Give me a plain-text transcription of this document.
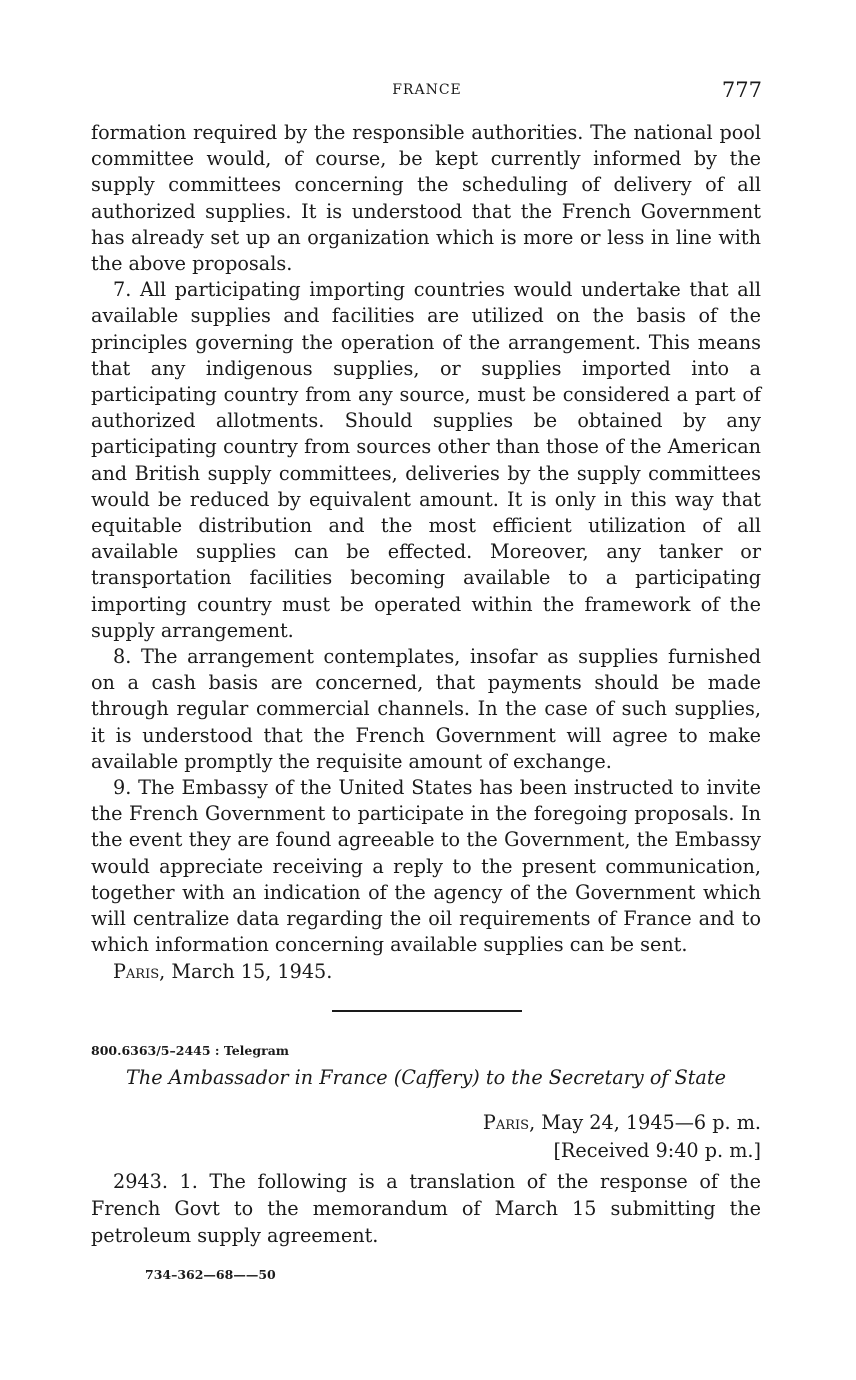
FRANCE	777

formation required by the responsible authorities. The national pool committee would, of course, be kept currently informed by the supply committees concerning the scheduling of delivery of all authorized supplies. It is understood that the French Government has already set up an organization which is more or less in line with the above proposals.

7. All participating importing countries would undertake that all available supplies and facilities are utilized on the basis of the principles governing the operation of the arrangement. This means that any indigenous supplies, or supplies imported into a participating country from any source, must be considered a part of authorized allotments. Should supplies be obtained by any participating country from sources other than those of the American and British supply committees, deliveries by the supply committees would be reduced by equivalent amount. It is only in this way that equitable distribution and the most efficient utilization of all available supplies can be effected. Moreover, any tanker or transportation facilities becoming available to a participating importing country must be operated within the framework of the supply arrangement.

8. The arrangement contemplates, insofar as supplies furnished on a cash basis are concerned, that payments should be made through regular commercial channels. In the case of such supplies, it is understood that the French Government will agree to make available promptly the requisite amount of exchange.

9. The Embassy of the United States has been instructed to invite the French Government to participate in the foregoing proposals. In the event they are found agreeable to the Government, the Embassy would appreciate receiving a reply to the present communication, together with an indication of the agency of the Government which will centralize data regarding the oil requirements of France and to which information concerning available supplies can be sent.

Paris, March 15, 1945.

800.6363/5–2445 : Telegram
The Ambassador in France (Caffery) to the Secretary of State
Paris, May 24, 1945—6 p. m.
[Received 9:40 p. m.]

2943. 1. The following is a translation of the response of the French Govt to the memorandum of March 15 submitting the petroleum supply agreement.

734–362—68——50
